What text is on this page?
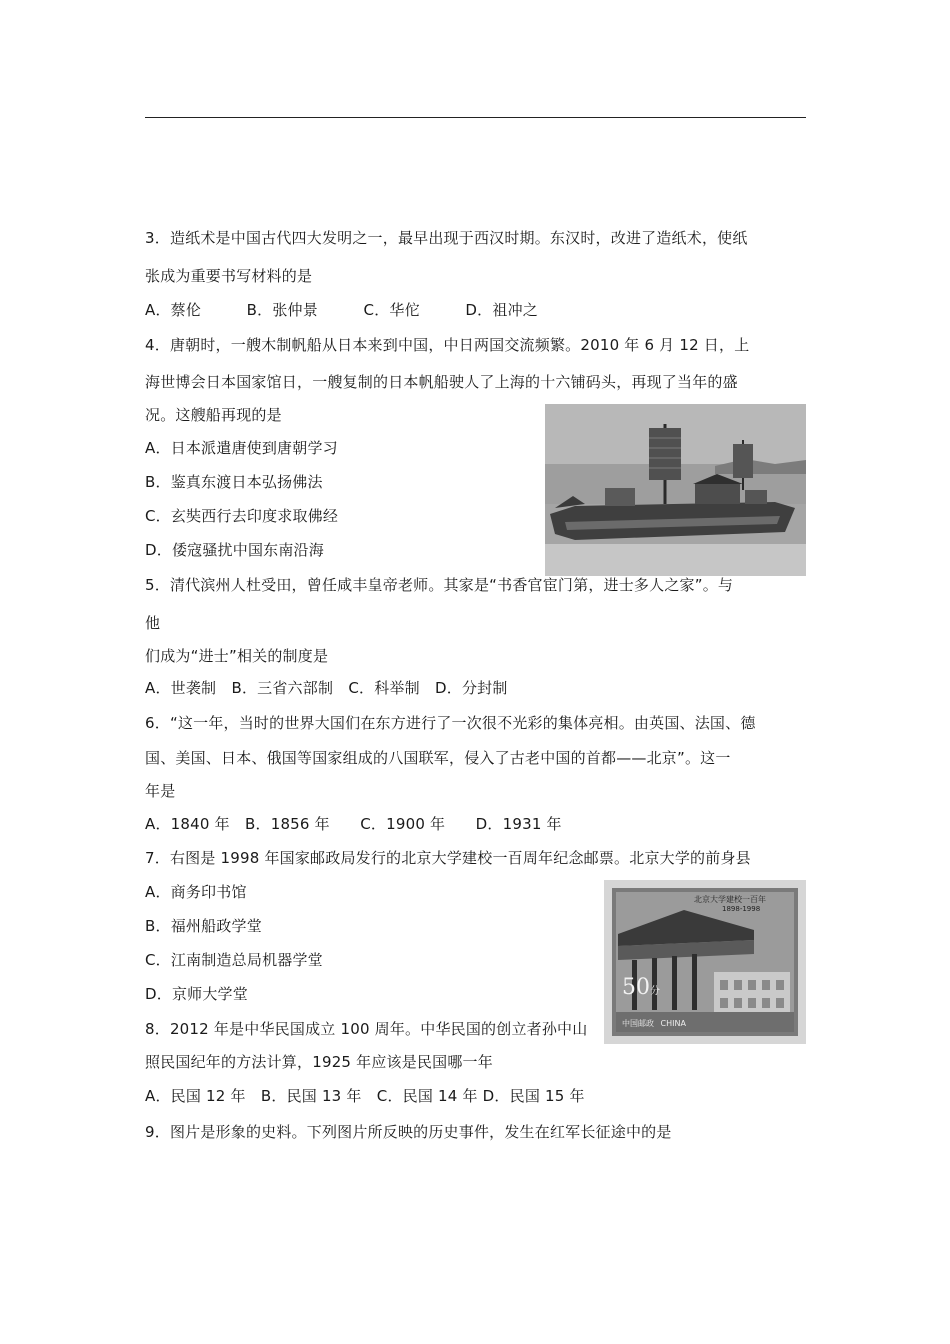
3．造纸术是中国古代四大发明之一，最早出现于西汉时期。东汉时，改进了造纸术，使纸
张成为重要书写材料的是
A．蔡伦　　　B．张仲景　　　C．华佗　　　D．祖冲之
4．唐朝时，一艘木制帆船从日本来到中国，中日两国交流频繁。2010 年 6 月 12 日，上
海世博会日本国家馆日，一艘复制的日本帆船驶人了上海的十六铺码头，再现了当年的盛
况。这艘船再现的是
A．日本派遣唐使到唐朝学习
B．鉴真东渡日本弘扬佛法
C．玄奘西行去印度求取佛经
D．倭寇骚扰中国东南沿海
5．清代滨州人杜受田，曾任咸丰皇帝老师。其家是“书香官宦门第，进士多人之家”。与
他
们成为“进士”相关的制度是
A．世袭制　B．三省六部制　C．科举制　D．分封制
6．“这一年，当时的世界大国们在东方进行了一次很不光彩的集体亮相。由英国、法国、德
国、美国、日本、俄国等国家组成的八国联军，侵入了古老中国的首都——北京”。这一
年是
A．1840 年　B．1856 年　　C．1900 年　　D．1931 年
7．右图是 1998 年国家邮政局发行的北京大学建校一百周年纪念邮票。北京大学的前身县
A．商务印书馆
B．福州船政学堂
C．江南制造总局机器学堂
D．京师大学堂
8．2012 年是中华民国成立 100 周年。中华民国的创立者孙中山
照民国纪年的方法计算，1925 年应该是民国哪一年
A．民国 12 年　B．民国 13 年　C．民国 14 年 D．民国 15 年
9．图片是形象的史料。下列图片所反映的历史事件，发生在红军长征途中的是
北京大学建校一百年
1898-1998
50分
中国邮政 CHINA
